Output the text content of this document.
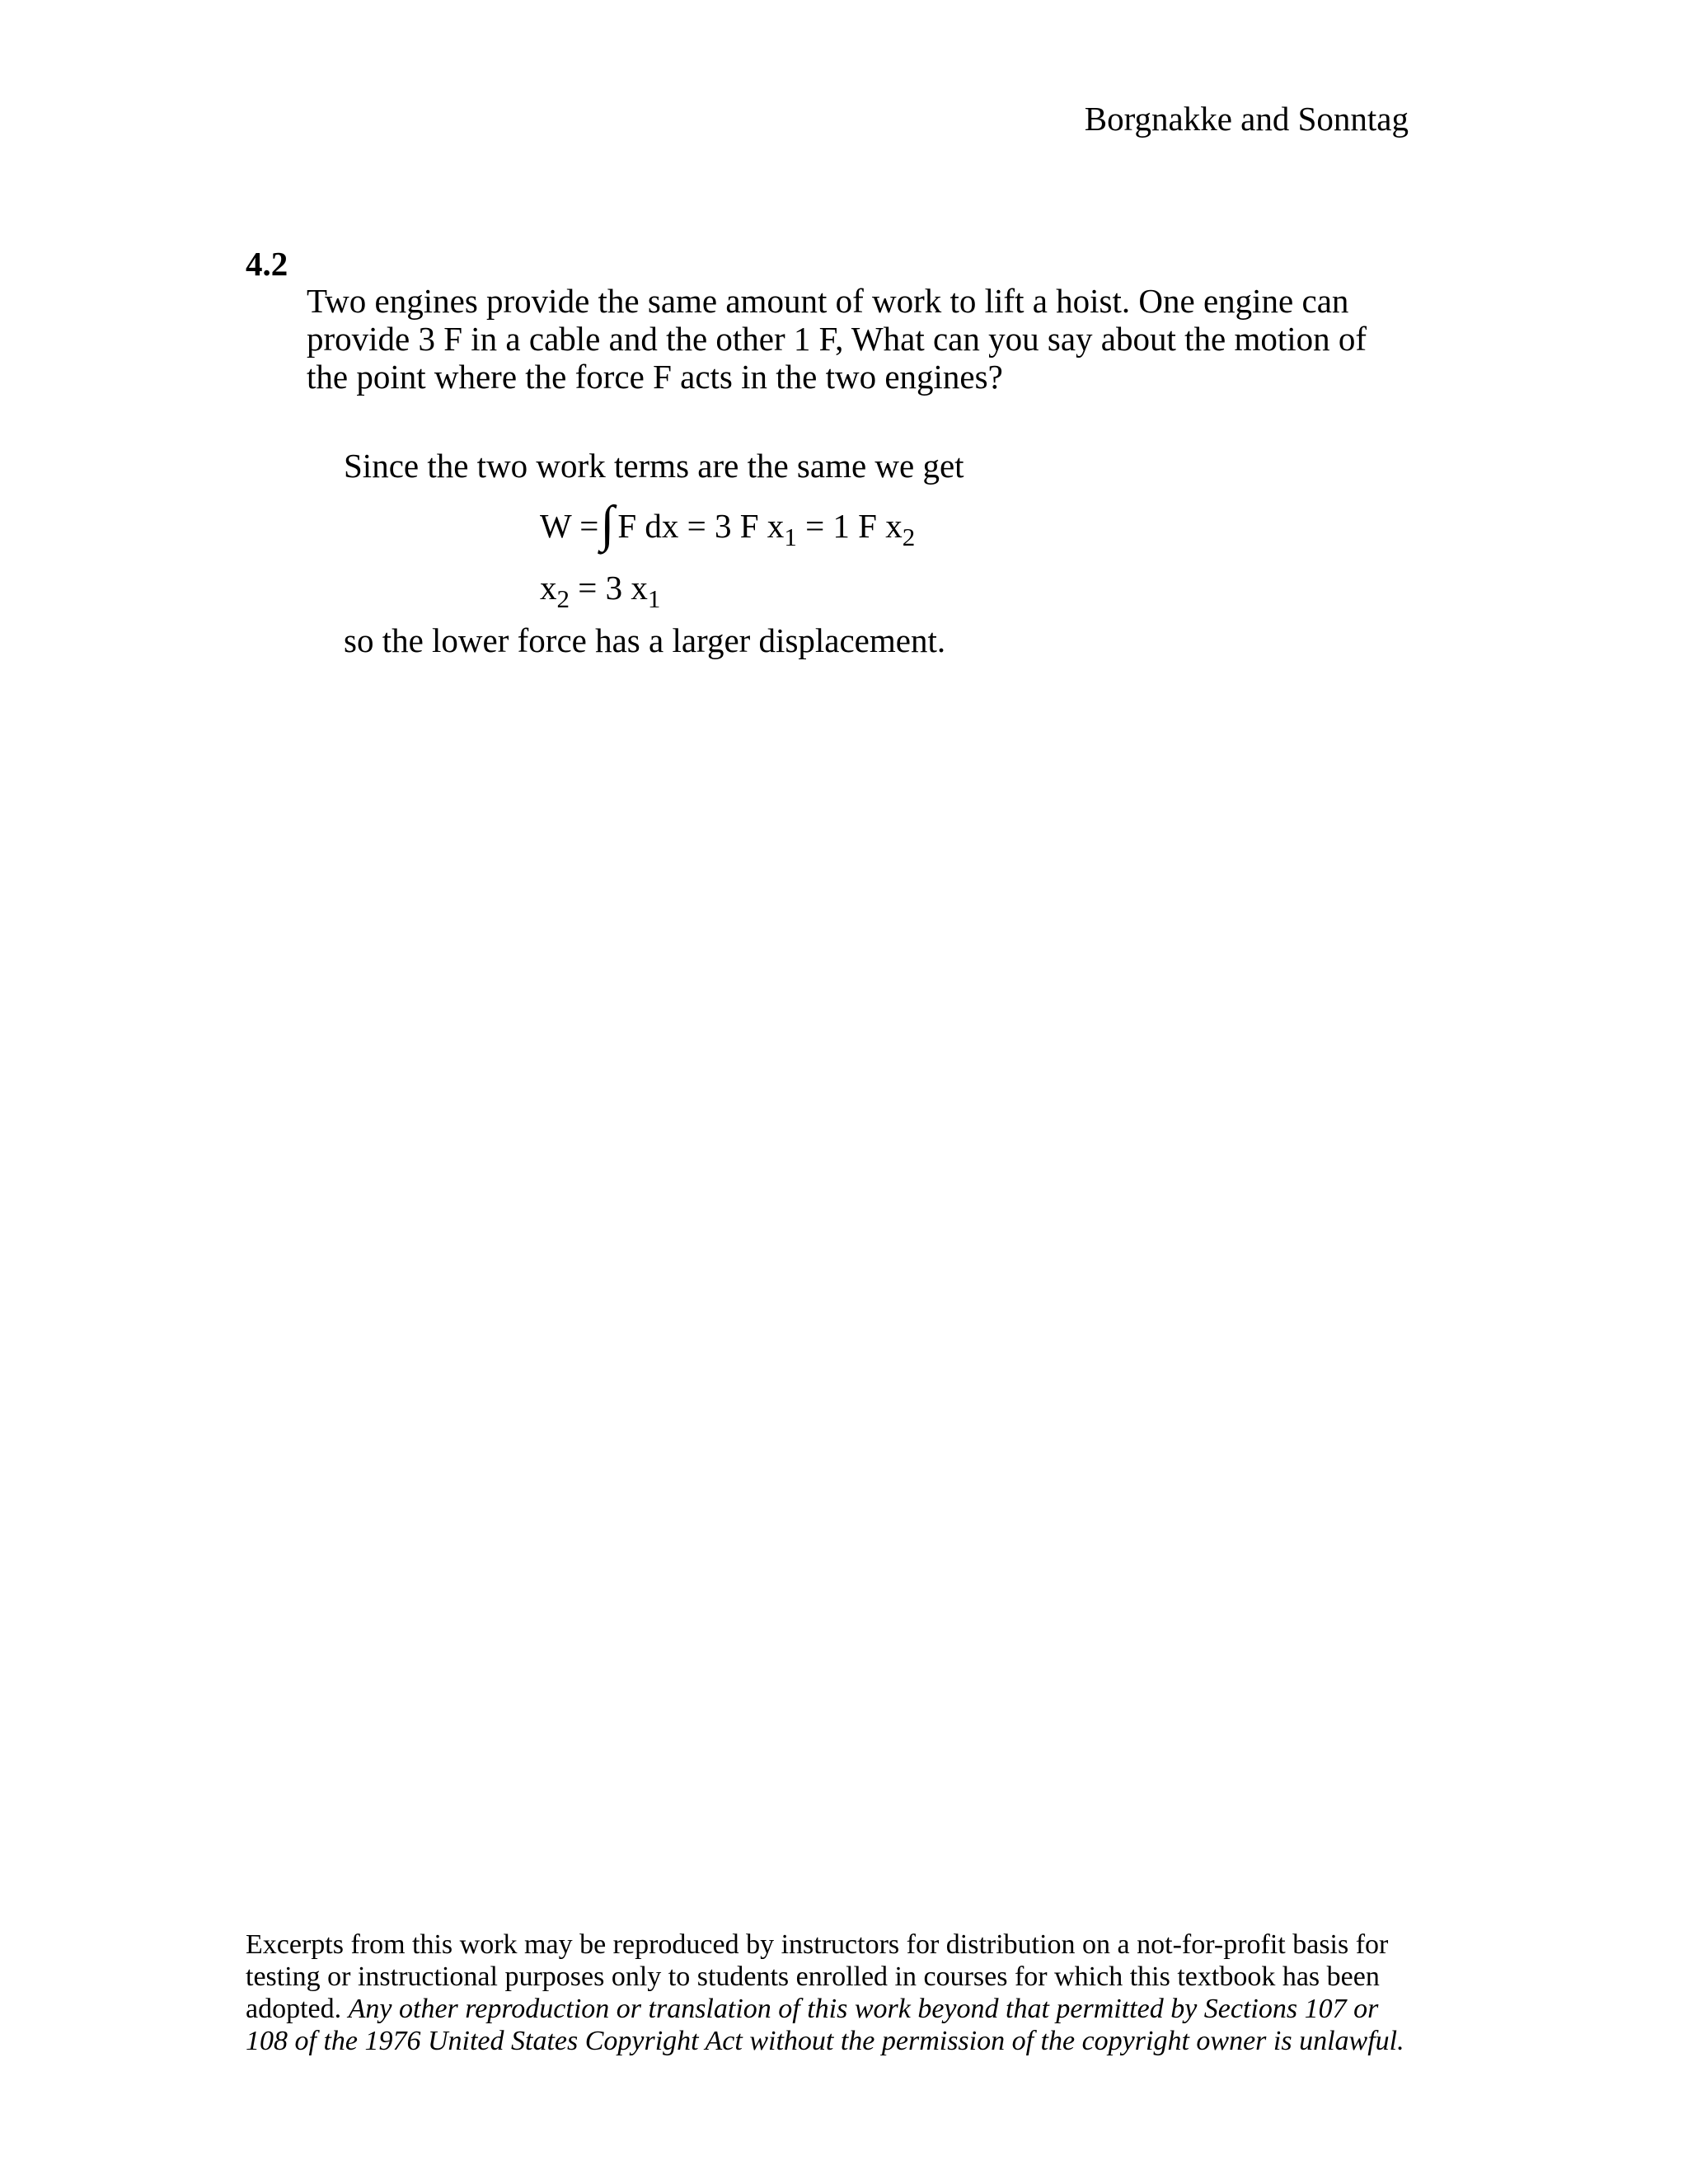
Borgnakke and Sonntag
4.2
Two engines provide the same amount of work to lift a hoist. One engine can provide 3 F in a cable and the other 1 F, What can you say about the motion of the point where the force F acts in the two engines?
Since the two work terms are the same we get
W =∫F dx = 3 F $x_1 = 1$ F $x_2$
$x_2 = 3$ $x_1$
so the lower force has a larger displacement.
Excerpts from this work may be reproduced by instructors for distribution on a not-for-profit basis for testing or instructional purposes only to students enrolled in courses for which this textbook has been adopted. Any other reproduction or translation of this work beyond that permitted by Sections 107 or 108 of the 1976 United States Copyright Act without the permission of the copyright owner is unlawful.
